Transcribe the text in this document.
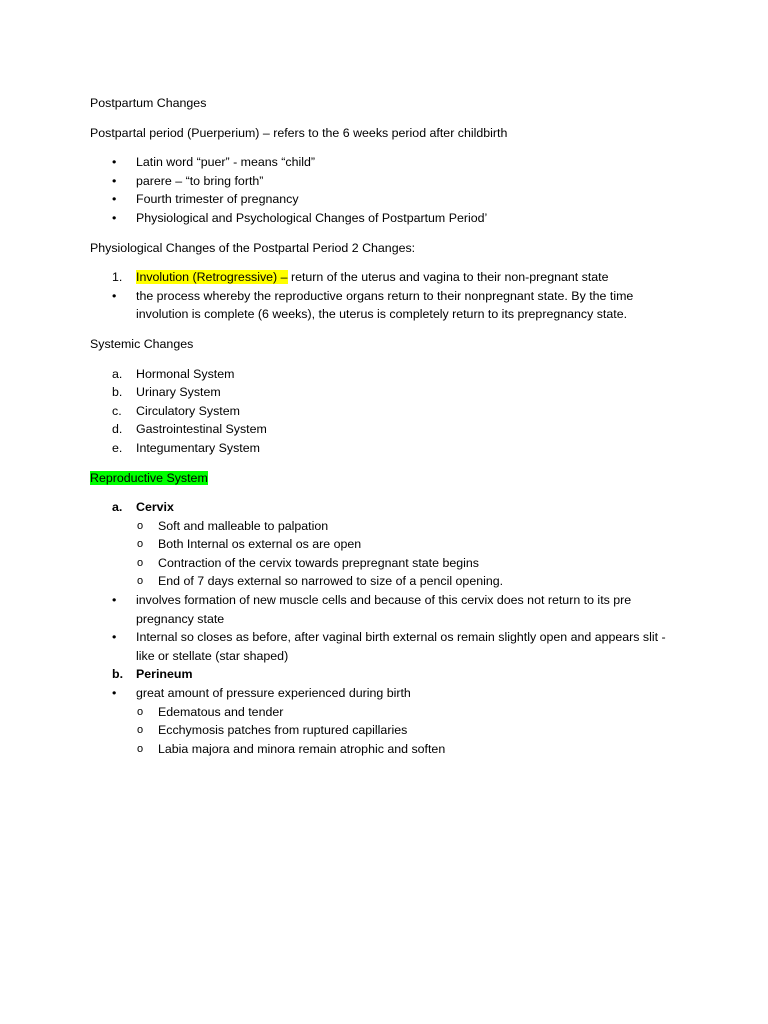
Postpartum Changes

Postpartal period (Puerperium) – refers to the 6 weeks period after childbirth

• Latin word “puer” - means “child”
• parere – “to bring forth”
• Fourth trimester of pregnancy
• Physiological and Psychological Changes of Postpartum Period’

Physiological Changes of the Postpartal Period 2 Changes:

1. Involution (Retrogressive) – return of the uterus and vagina to their non-pregnant state
• the process whereby the reproductive organs return to their nonpregnant state. By the time
involution is complete (6 weeks), the uterus is completely return to its prepregnancy state.

Systemic Changes

a. Hormonal System
b. Urinary System
c. Circulatory System
d. Gastrointestinal System
e. Integumentary System

Reproductive System

a. Cervix
o Soft and malleable to palpation
o Both Internal os external os are open
o Contraction of the cervix towards prepregnant state begins
o End of 7 days external so narrowed to size of a pencil opening.
• involves formation of new muscle cells and because of this cervix does not return to its pre
pregnancy state
• Internal so closes as before, after vaginal birth external os remain slightly open and appears slit -
like or stellate (star shaped)
b. Perineum
• great amount of pressure experienced during birth
o Edematous and tender
o Ecchymosis patches from ruptured capillaries
o Labia majora and minora remain atrophic and soften
